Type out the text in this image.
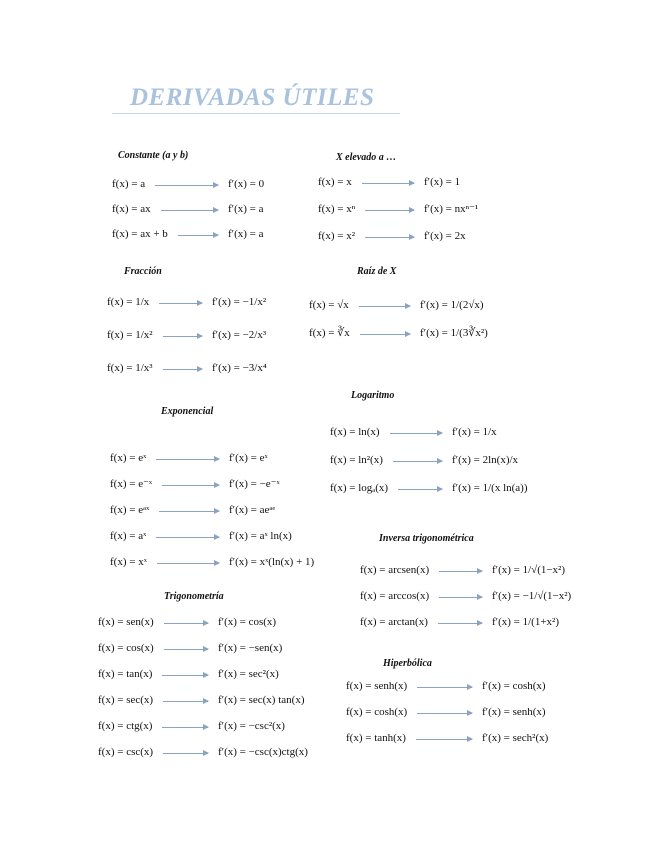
DERIVADAS ÚTILES
Constante (a y b)
f(x) = a	f′(x) = 0
f(x) = ax	f′(x) = a
f(x) = ax + b	f′(x) = a
X elevado a …
f(x) = x	f′(x) = 1
f(x) = xⁿ	f′(x) = nxⁿ⁻¹
f(x) = x²	f′(x) = 2x
Fracción
f(x) = 1/x	f′(x) = −1/x²
f(x) = 1/x²	f′(x) = −2/x³
f(x) = 1/x³	f′(x) = −3/x⁴
Raíz de X
f(x) = √x	f′(x) = 1/(2√x)
f(x) = ∛x	f′(x) = 1/(3∛x²)
Logaritmo
f(x) = ln(x)	f′(x) = 1/x
f(x) = ln²(x)	f′(x) = 2ln(x)/x
f(x) = logₐ(x)	f′(x) = 1/(x ln(a))
Exponencial
f(x) = eˣ	f′(x) = eˣ
f(x) = e⁻ˣ	f′(x) = −e⁻ˣ
f(x) = eᵃˣ	f′(x) = aeᵃᵉ
f(x) = aˣ	f′(x) = aˣ ln(x)
f(x) = xˣ	f′(x) = xˣ(ln(x) + 1)
Inversa trigonométrica
f(x) = arcsen(x)	f′(x) = 1/√(1−x²)
f(x) = arccos(x)	f′(x) = −1/√(1−x²)
f(x) = arctan(x)	f′(x) = 1/(1+x²)
Trigonometría
f(x) = sen(x)	f′(x) = cos(x)
f(x) = cos(x)	f′(x) = −sen(x)
f(x) = tan(x)	f′(x) = sec²(x)
f(x) = sec(x)	f′(x) = sec(x) tan(x)
f(x) = ctg(x)	f′(x) = −csc²(x)
f(x) = csc(x)	f′(x) = −csc(x)ctg(x)
Hiperbólica
f(x) = senh(x)	f′(x) = cosh(x)
f(x) = cosh(x)	f′(x) = senh(x)
f(x) = tanh(x)	f′(x) = sech²(x)
